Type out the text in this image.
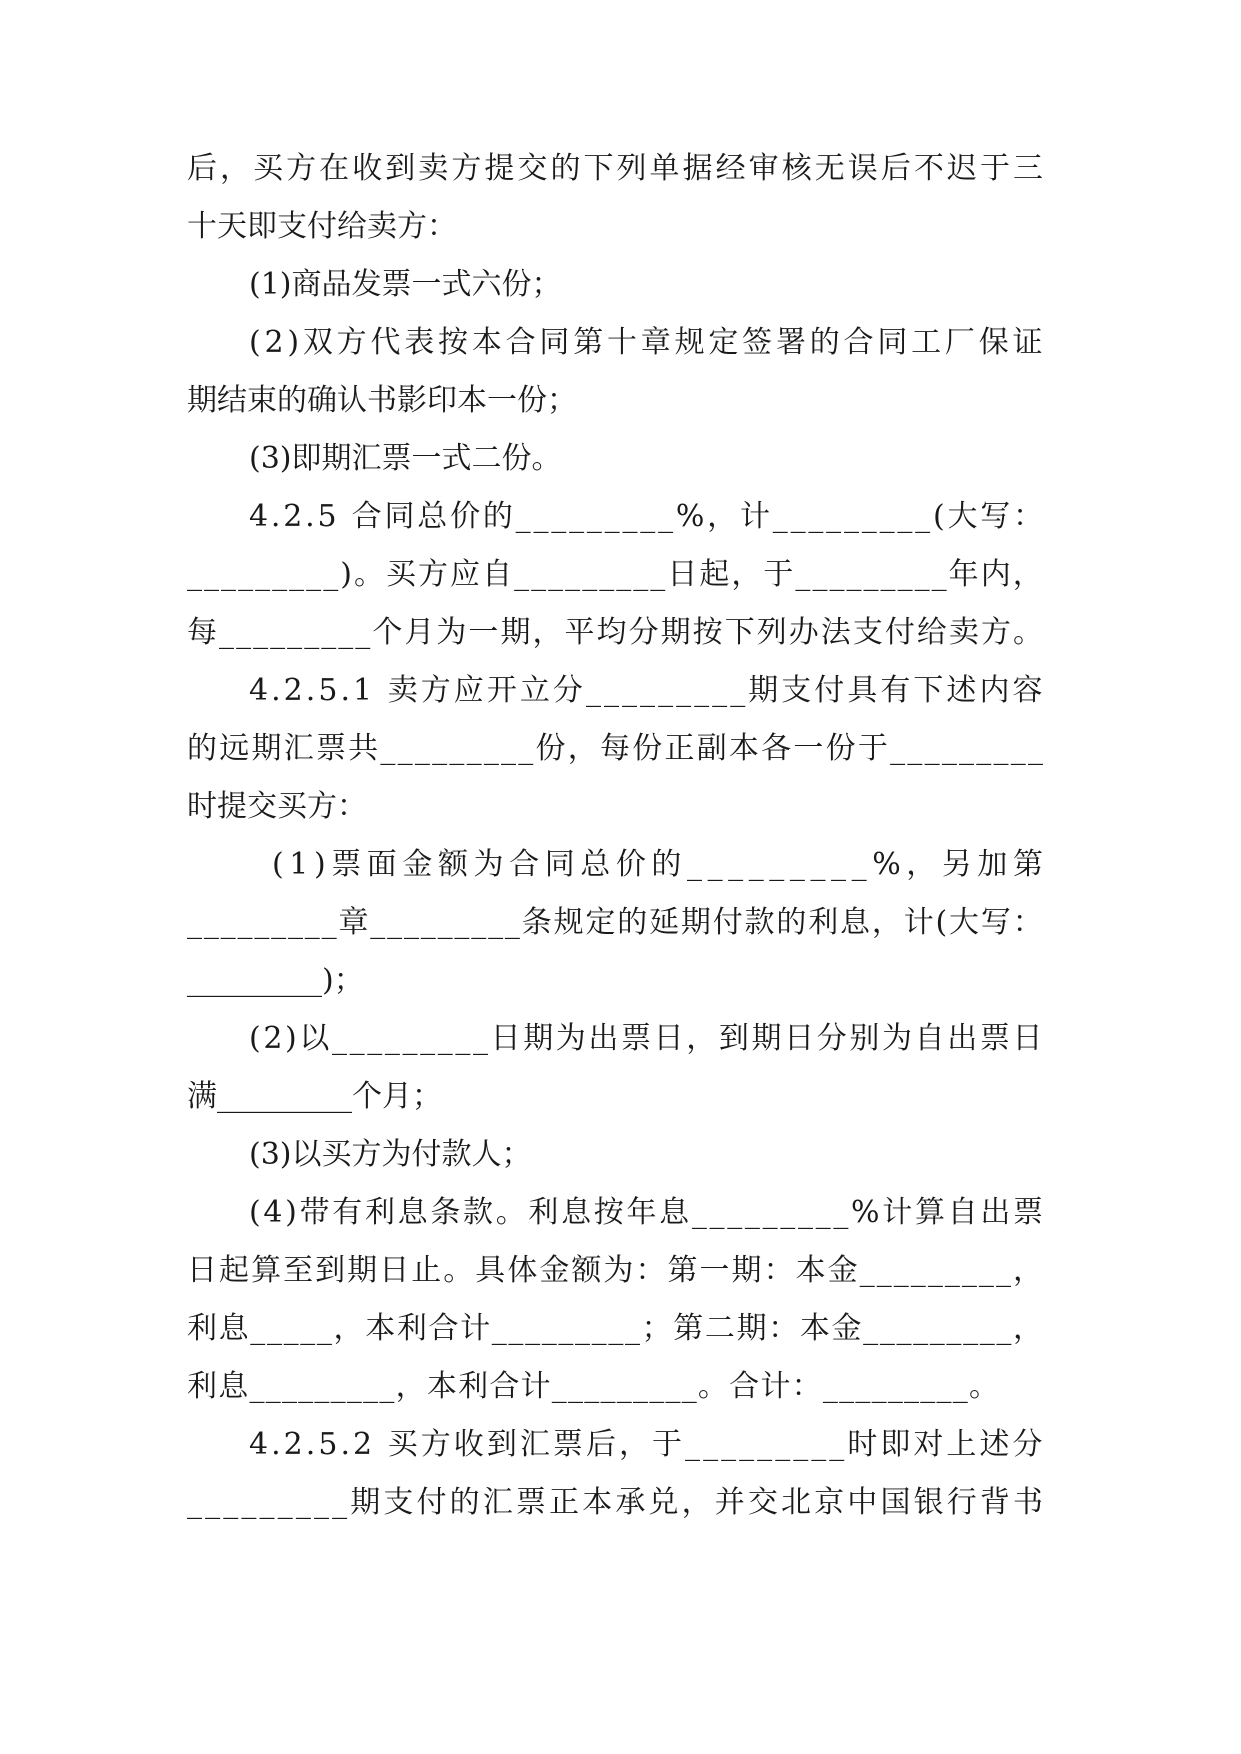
后，买方在收到卖方提交的下列单据经审核无误后不迟于三
十天即支付给卖方：
(1)商品发票一式六份；
(2)双方代表按本合同第十章规定签署的合同工厂保证
期结束的确认书影印本一份；
(3)即期汇票一式二份。
4.2.5 合同总价的_________%，计_________(大写：
_________)。买方应自_________日起，于_________年内，
每_________个月为一期，平均分期按下列办法支付给卖方。
4.2.5.1 卖方应开立分_________期支付具有下述内容
的远期汇票共_________份，每份正副本各一份于_________
时提交买方：
(1)票面金额为合同总价的_________%，另加第
_________章_________条规定的延期付款的利息，计(大写：
_________)；
(2)以_________日期为出票日，到期日分别为自出票日
满_________个月；
(3)以买方为付款人；
(4)带有利息条款。利息按年息_________%计算自出票
日起算至到期日止。具体金额为：第一期：本金_________，
利息_____，本利合计_________；第二期：本金_________，
利息_________，本利合计_________。合计：_________。
4.2.5.2 买方收到汇票后，于_________时即对上述分
_________期支付的汇票正本承兑，并交北京中国银行背书
